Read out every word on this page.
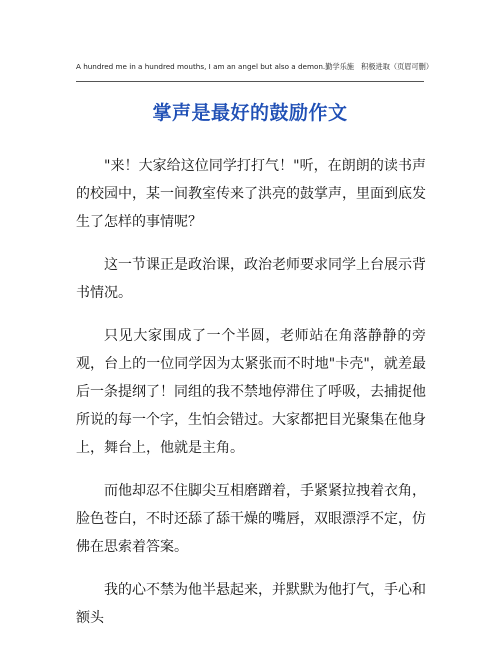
A hundred me in a hundred mouths, I am an angel but also a demon.勤学乐施　积极进取（页眉可删）
掌声是最好的鼓励作文

"来！大家给这位同学打打气！"听，在朗朗的读书声的校园中，某一间教室传来了洪亮的鼓掌声，里面到底发生了怎样的事情呢？

这一节课正是政治课，政治老师要求同学上台展示背书情况。

只见大家围成了一个半圆，老师站在角落静静的旁观，台上的一位同学因为太紧张而不时地"卡壳"，就差最后一条提纲了！同组的我不禁地停滞住了呼吸，去捕捉他所说的每一个字，生怕会错过。大家都把目光聚集在他身上，舞台上，他就是主角。

而他却忍不住脚尖互相磨蹭着，手紧紧拉拽着衣角，脸色苍白，不时还舔了舔干燥的嘴唇，双眼漂浮不定，仿佛在思索着答案。

我的心不禁为他半悬起来，并默默为他打气，手心和额头
